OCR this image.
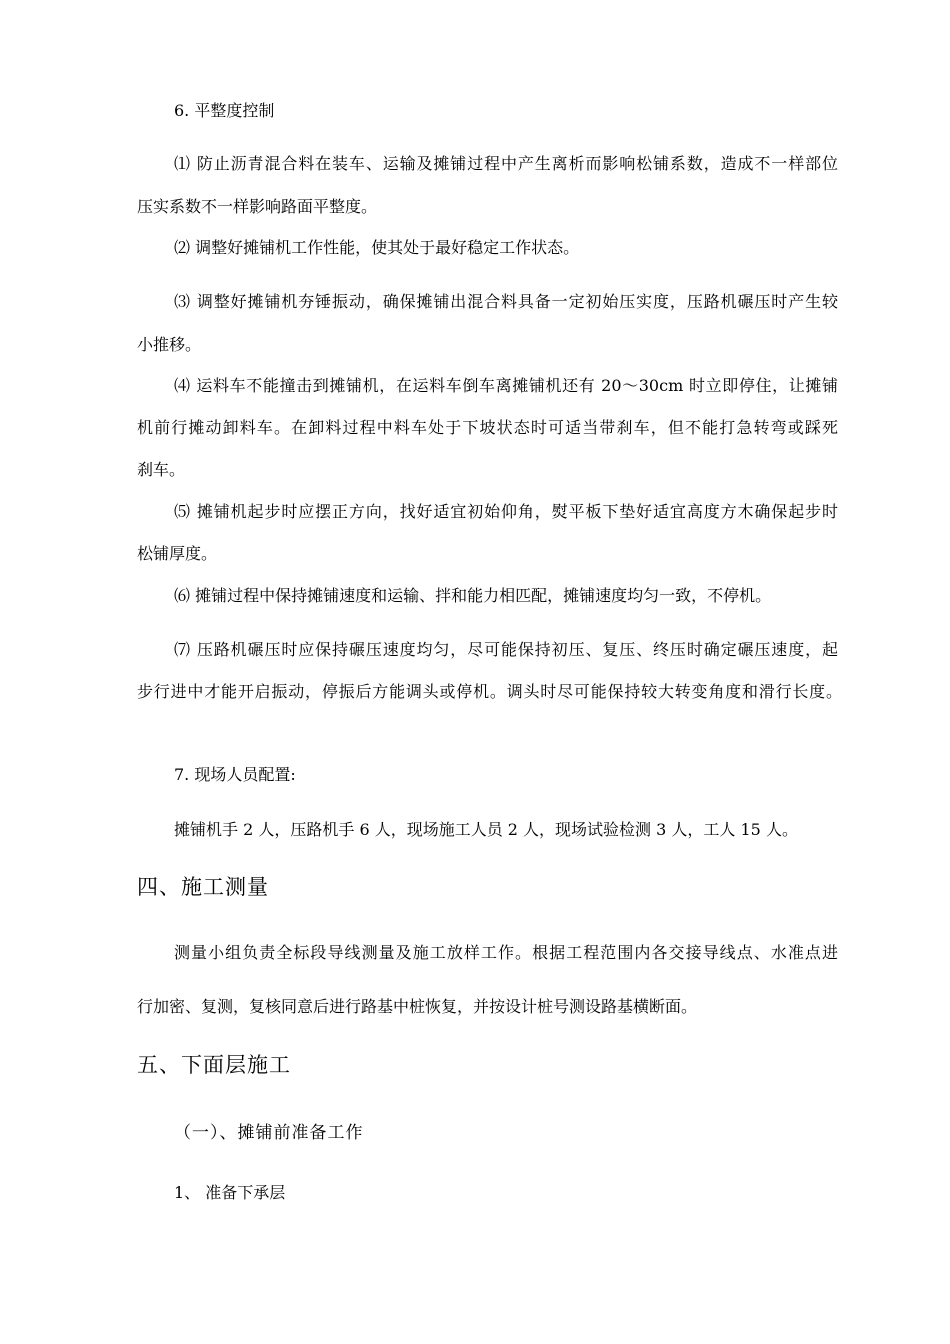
6. 平整度控制
⑴ 防止沥青混合料在装车、运输及摊铺过程中产生离析而影响松铺系数，造成不一样部位
压实系数不一样影响路面平整度。
⑵ 调整好摊铺机工作性能，使其处于最好稳定工作状态。
⑶ 调整好摊铺机夯锤振动，确保摊铺出混合料具备一定初始压实度，压路机碾压时产生较
小推移。
⑷ 运料车不能撞击到摊铺机，在运料车倒车离摊铺机还有 20～30cm 时立即停住，让摊铺
机前行摊动卸料车。在卸料过程中料车处于下坡状态时可适当带刹车，但不能打急转弯或踩死
刹车。
⑸ 摊铺机起步时应摆正方向，找好适宜初始仰角，熨平板下垫好适宜高度方木确保起步时
松铺厚度。
⑹ 摊铺过程中保持摊铺速度和运输、拌和能力相匹配，摊铺速度均匀一致，不停机。
⑺ 压路机碾压时应保持碾压速度均匀，尽可能保持初压、复压、终压时确定碾压速度，起
步行进中才能开启振动，停振后方能调头或停机。调头时尽可能保持较大转变角度和滑行长度。
7. 现场人员配置:
摊铺机手 2 人，压路机手 6 人，现场施工人员 2 人，现场试验检测 3 人，工人 15 人。
四、施工测量
测量小组负责全标段导线测量及施工放样工作。根据工程范围内各交接导线点、水准点进
行加密、复测，复核同意后进行路基中桩恢复，并按设计桩号测设路基横断面。
五、下面层施工
（一）、摊铺前准备工作
1、 准备下承层
